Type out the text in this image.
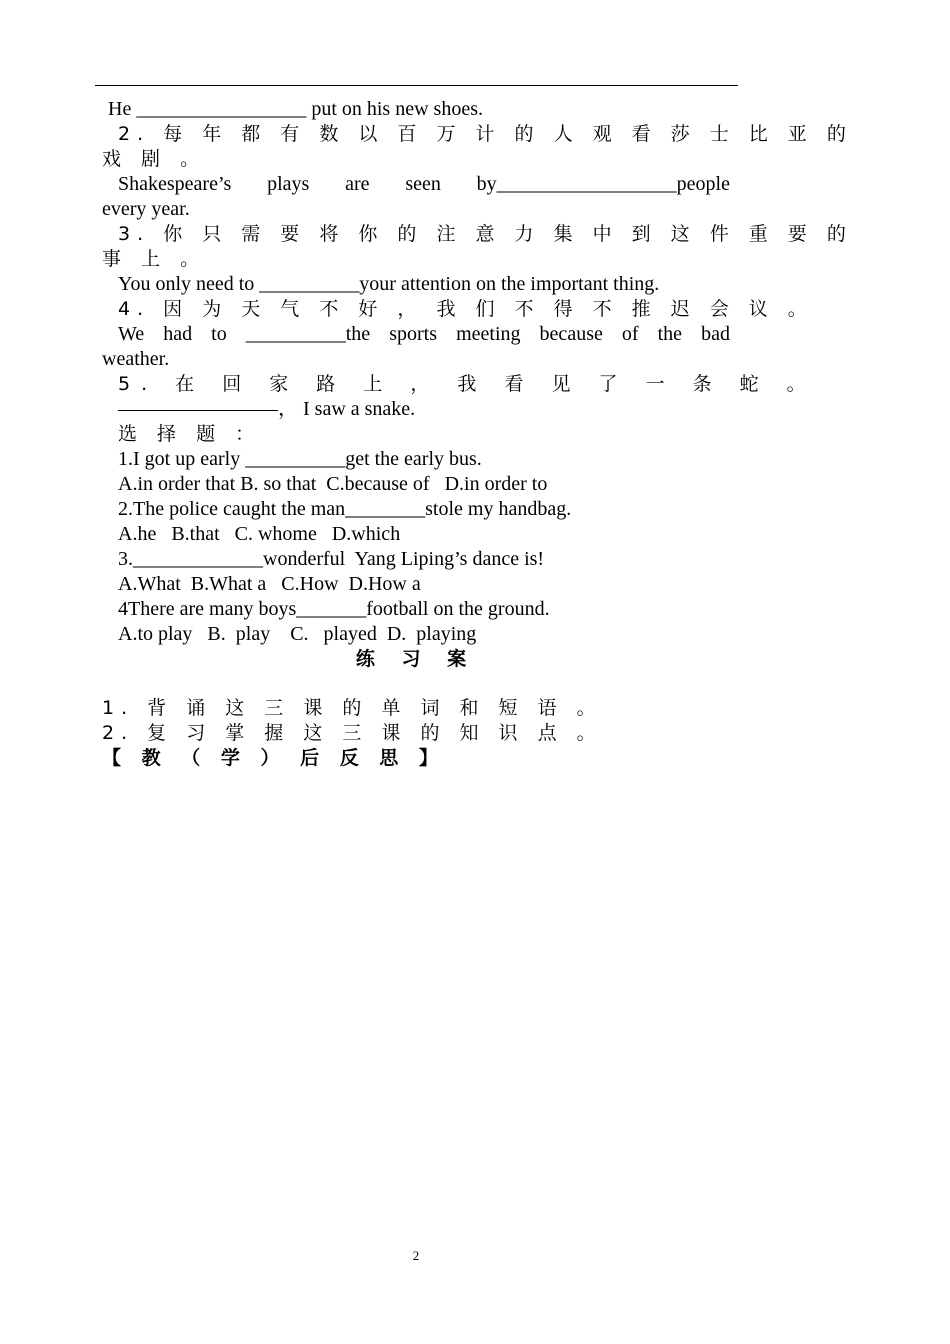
He _________________ put on his new shoes.
2. 每 年 都 有 数 以 百 万 计 的 人 观 看 莎 士 比 亚 的
戏 剧 。
Shakespeare’s plays are seen by__________________people
every year.
3. 你 只 需 要 将 你 的 注 意 力 集 中 到 这 件 重 要 的
事 上 。
You only need to __________your attention on the important thing.
4. 因 为 天 气 不 好 ， 我 们 不 得 不 推 迟 会 议 。
We had to __________the sports meeting because of the bad
weather.
5. 在 回 家 路 上 ， 我 看 见 了 一 条 蛇 。
————————， I saw a snake.
选 择 题 ：
1.I got up early __________get the early bus.
A.in order that B. so that  C.because of   D.in order to
2.The police caught the man________stole my handbag.
A.he   B.that   C. whome   D.which
3._____________wonderful  Yang Liping’s dance is!
A.What  B.What a   C.How  D.How a
4There are many boys_______football on the ground.
A.to play   B.  play    C.   played  D.  playing
练 习 案
1. 背 诵 这 三 课 的 单 词 和 短 语 。
2. 复 习 掌 握 这 三 课 的 知 识 点 。
【 教 （ 学 ） 后 反 思 】
2
